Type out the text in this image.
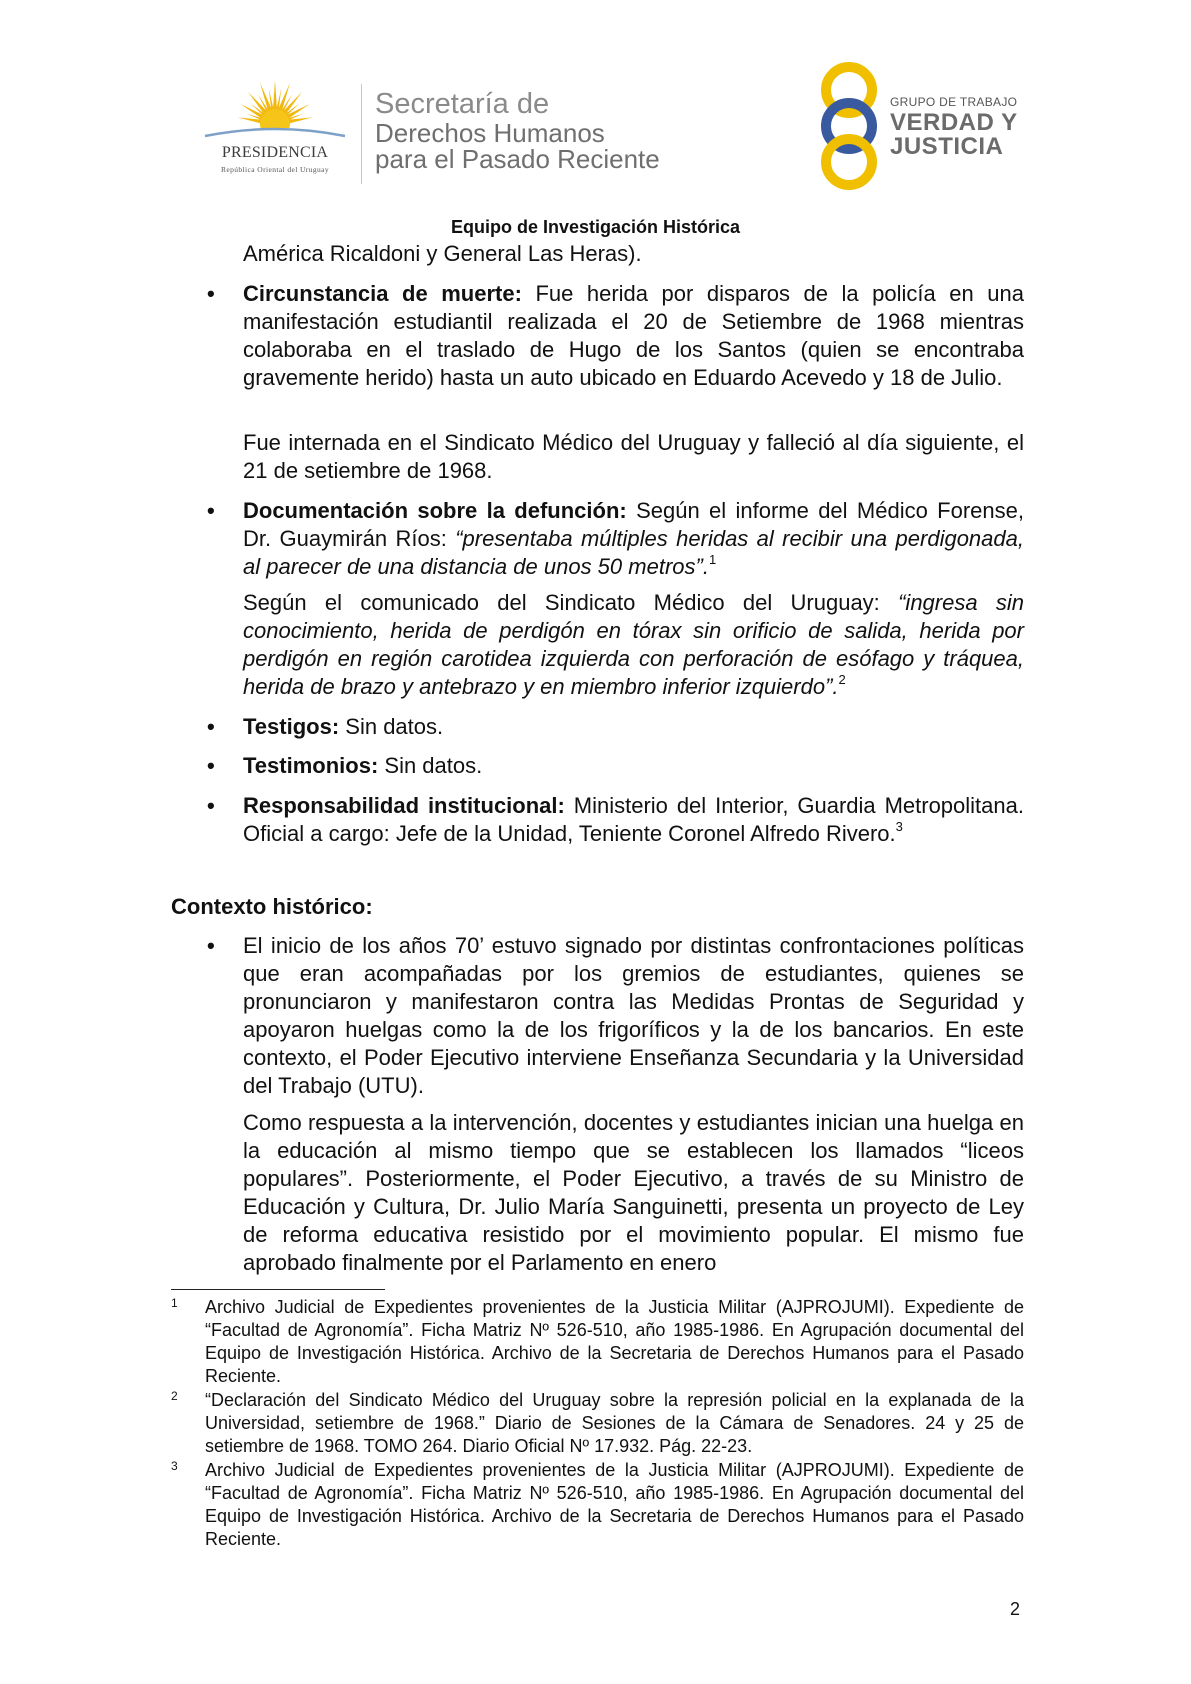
PRESIDENCIA
República Oriental del Uruguay
Secretaría de
Derechos Humanos
para el Pasado Reciente
GRUPO DE TRABAJO
VERDAD Y
JUSTICIA
Equipo de Investigación Histórica
América Ricaldoni y General Las Heras).
• Circunstancia de muerte: Fue herida por disparos de la policía en una manifestación estudiantil realizada el 20 de Setiembre de 1968 mientras colaboraba en el traslado de Hugo de los Santos (quien se encontraba gravemente herido) hasta un auto ubicado en Eduardo Acevedo y 18 de Julio.
Fue internada en el Sindicato Médico del Uruguay y falleció al día siguiente, el 21 de setiembre de 1968.
• Documentación sobre la defunción: Según el informe del Médico Forense, Dr. Guaymirán Ríos: “presentaba múltiples heridas al recibir una perdigonada, al parecer de una distancia de unos 50 metros”.$^1$
Según el comunicado del Sindicato Médico del Uruguay: “ingresa sin conocimiento, herida de perdigón en tórax sin orificio de salida, herida por perdigón en región carotidea izquierda con perforación de esófago y tráquea, herida de brazo y antebrazo y en miembro inferior izquierdo”.$^2$
• Testigos: Sin datos.
• Testimonios: Sin datos.
• Responsabilidad institucional: Ministerio del Interior, Guardia Metropolitana. Oficial a cargo: Jefe de la Unidad, Teniente Coronel Alfredo Rivero.$^3$
Contexto histórico:
• El inicio de los años 70’ estuvo signado por distintas confrontaciones políticas que eran acompañadas por los gremios de estudiantes, quienes se pronunciaron y manifestaron contra las Medidas Prontas de Seguridad y apoyaron huelgas como la de los frigoríficos y la de los bancarios. En este contexto, el Poder Ejecutivo interviene Enseñanza Secundaria y la Universidad del Trabajo (UTU).
Como respuesta a la intervención, docentes y estudiantes inician una huelga en la educación al mismo tiempo que se establecen los llamados “liceos populares”. Posteriormente, el Poder Ejecutivo, a través de su Ministro de Educación y Cultura, Dr. Julio María Sanguinetti, presenta un proyecto de Ley de reforma educativa resistido por el movimiento popular. El mismo fue aprobado finalmente por el Parlamento en enero
1 Archivo Judicial de Expedientes provenientes de la Justicia Militar (AJPROJUMI). Expediente de “Facultad de Agronomía”. Ficha Matriz Nº 526-510, año 1985-1986. En Agrupación documental del Equipo de Investigación Histórica. Archivo de la Secretaria de Derechos Humanos para el Pasado Reciente.
2 “Declaración del Sindicato Médico del Uruguay sobre la represión policial en la explanada de la Universidad, setiembre de 1968.” Diario de Sesiones de la Cámara de Senadores. 24 y 25 de setiembre de 1968. TOMO 264. Diario Oficial Nº 17.932. Pág. 22-23.
3 Archivo Judicial de Expedientes provenientes de la Justicia Militar (AJPROJUMI). Expediente de “Facultad de Agronomía”. Ficha Matriz Nº 526-510, año 1985-1986. En Agrupación documental del Equipo de Investigación Histórica. Archivo de la Secretaria de Derechos Humanos para el Pasado Reciente.
2
